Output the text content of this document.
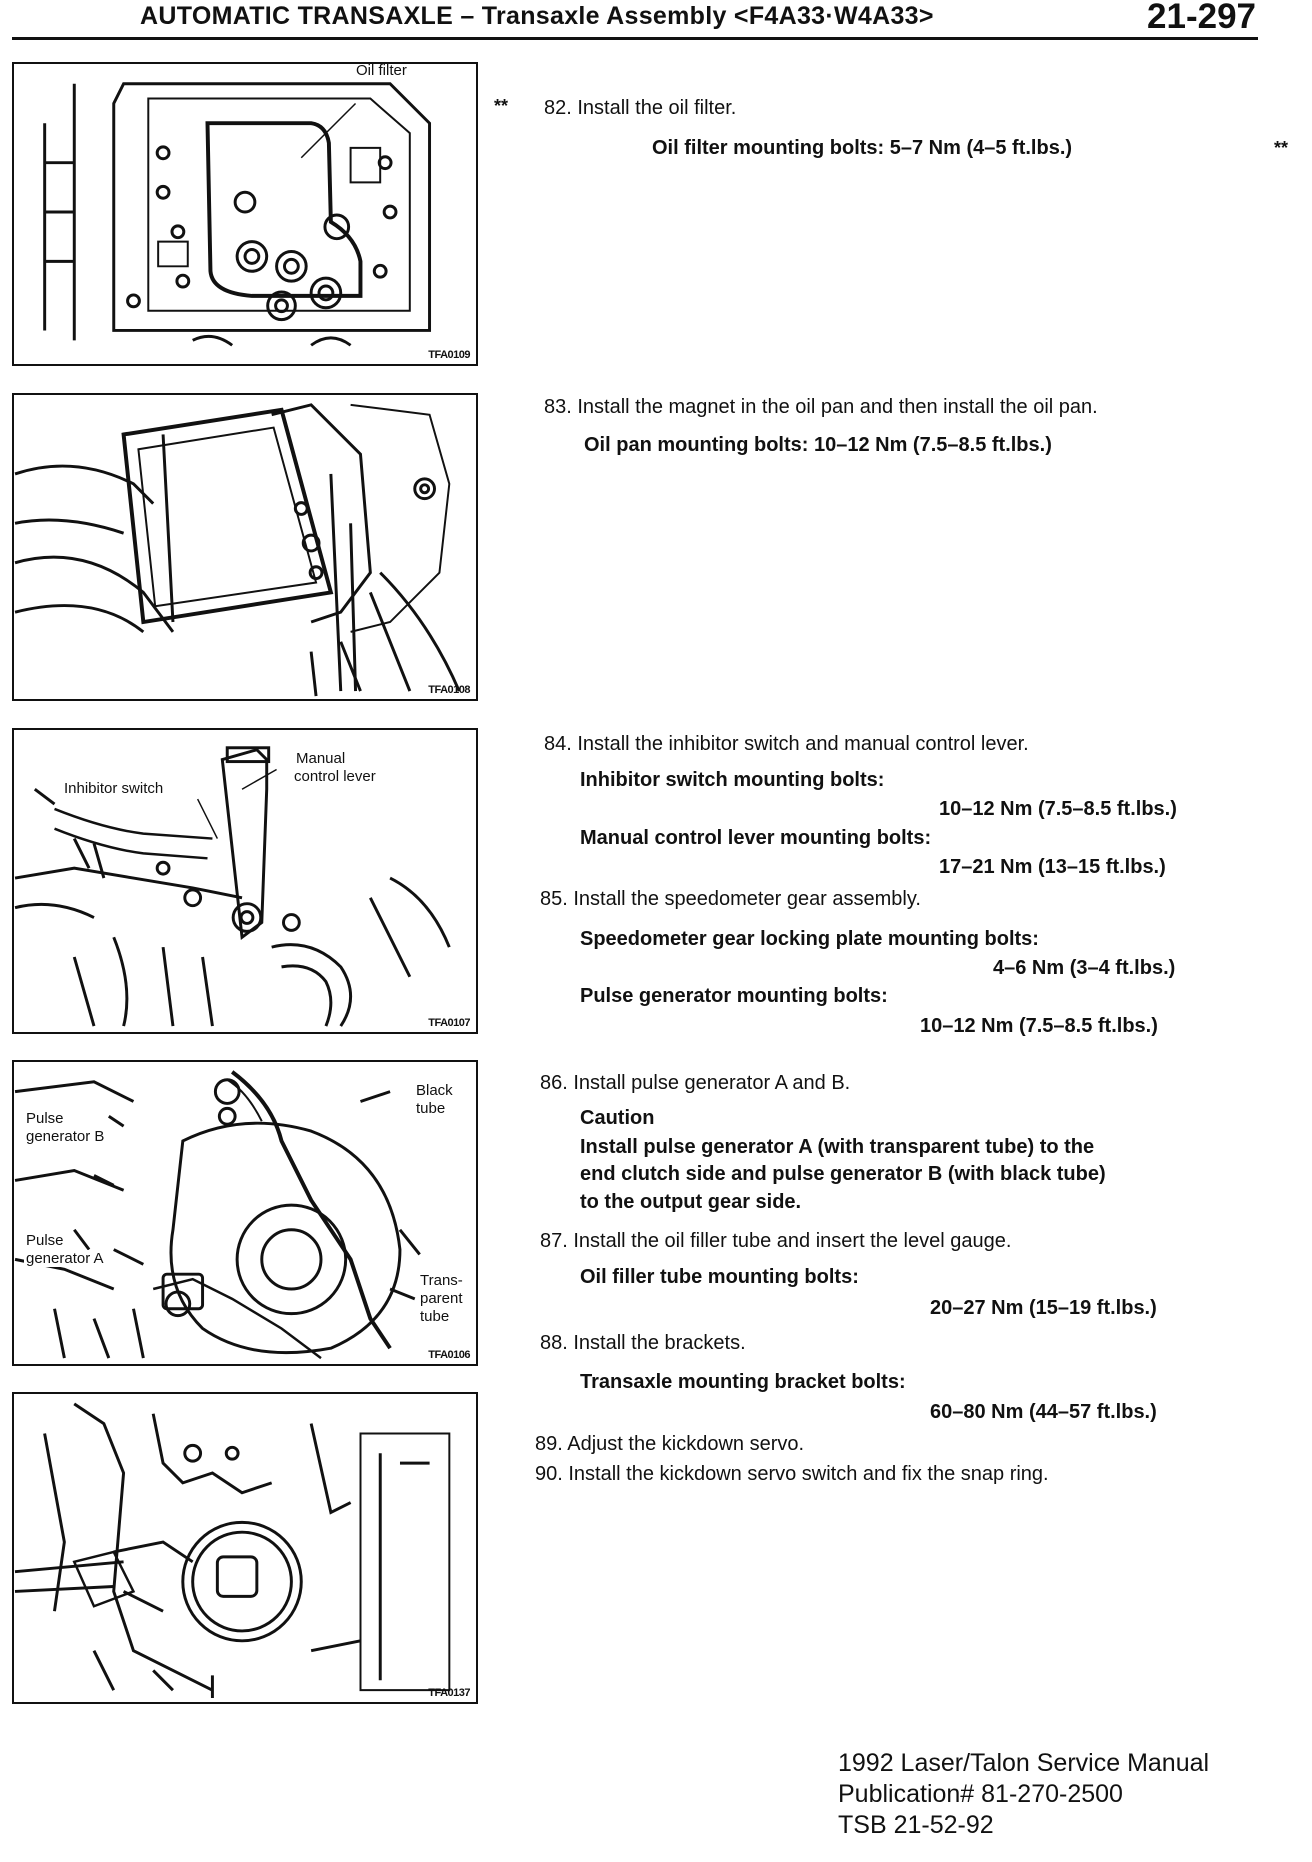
AUTOMATIC TRANSAXLE – Transaxle Assembly <F4A33·W4A33>	21-297
Oil filter
TFA0109
TFA0108
Manual
control lever
Inhibitor switch
TFA0107
Black
tube
Pulse
generator B
Pulse
generator A
Trans-
parent
tube
TFA0106
TFA0137
** 82. Install the oil filter.
Oil filter mounting bolts: 5–7 Nm (4–5 ft.lbs.)	**
83. Install the magnet in the oil pan and then install the oil pan.
Oil pan mounting bolts: 10–12 Nm (7.5–8.5 ft.lbs.)
84. Install the inhibitor switch and manual control lever.
Inhibitor switch mounting bolts:
10–12 Nm (7.5–8.5 ft.lbs.)
Manual control lever mounting bolts:
17–21 Nm (13–15 ft.lbs.)
85. Install the speedometer gear assembly.
Speedometer gear locking plate mounting bolts:
4–6 Nm (3–4 ft.lbs.)
Pulse generator mounting bolts:
10–12 Nm (7.5–8.5 ft.lbs.)
86. Install pulse generator A and B.
Caution
Install pulse generator A (with transparent tube) to the
end clutch side and pulse generator B (with black tube)
to the output gear side.
87. Install the oil filler tube and insert the level gauge.
Oil filler tube mounting bolts:
20–27 Nm (15–19 ft.lbs.)
88. Install the brackets.
Transaxle mounting bracket bolts:
60–80 Nm (44–57 ft.lbs.)
89. Adjust the kickdown servo.
90. Install the kickdown servo switch and fix the snap ring.
1992 Laser/Talon Service Manual
Publication# 81-270-2500
TSB 21-52-92
